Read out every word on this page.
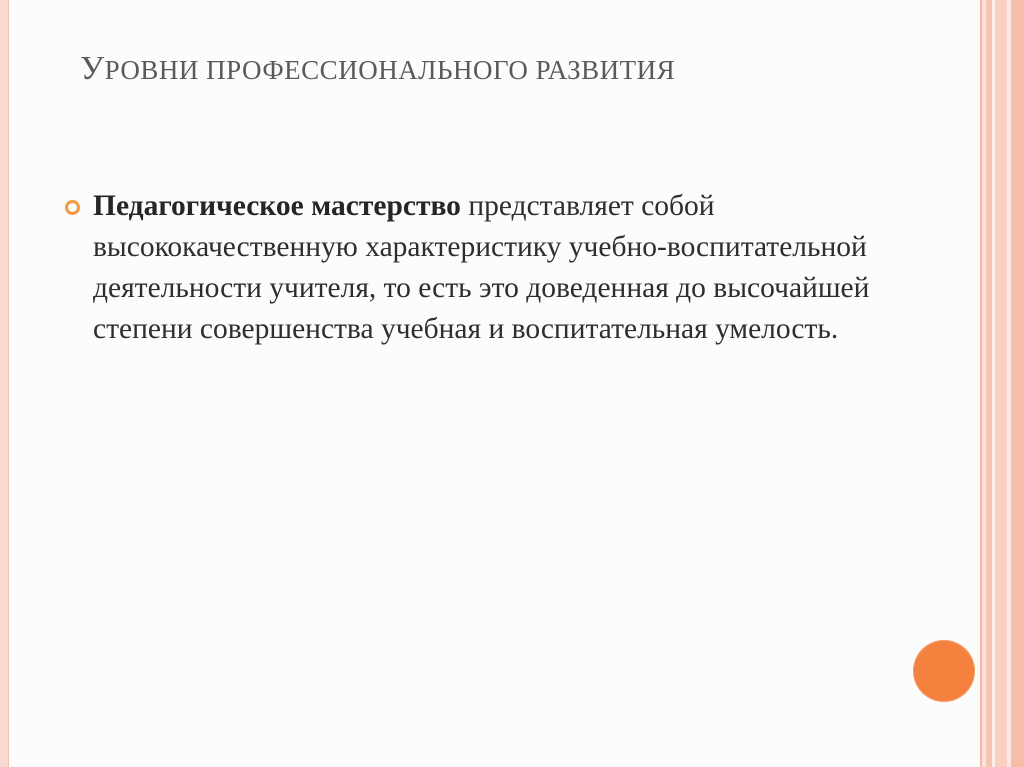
УРОВНИ ПРОФЕССИОНАЛЬНОГО РАЗВИТИЯ

Педагогическое мастерство представляет собой высококачественную характеристику учебно-воспитательной деятельности учителя, то есть это доведенная до высочайшей степени совершенства учебная и воспитательная умелость.
